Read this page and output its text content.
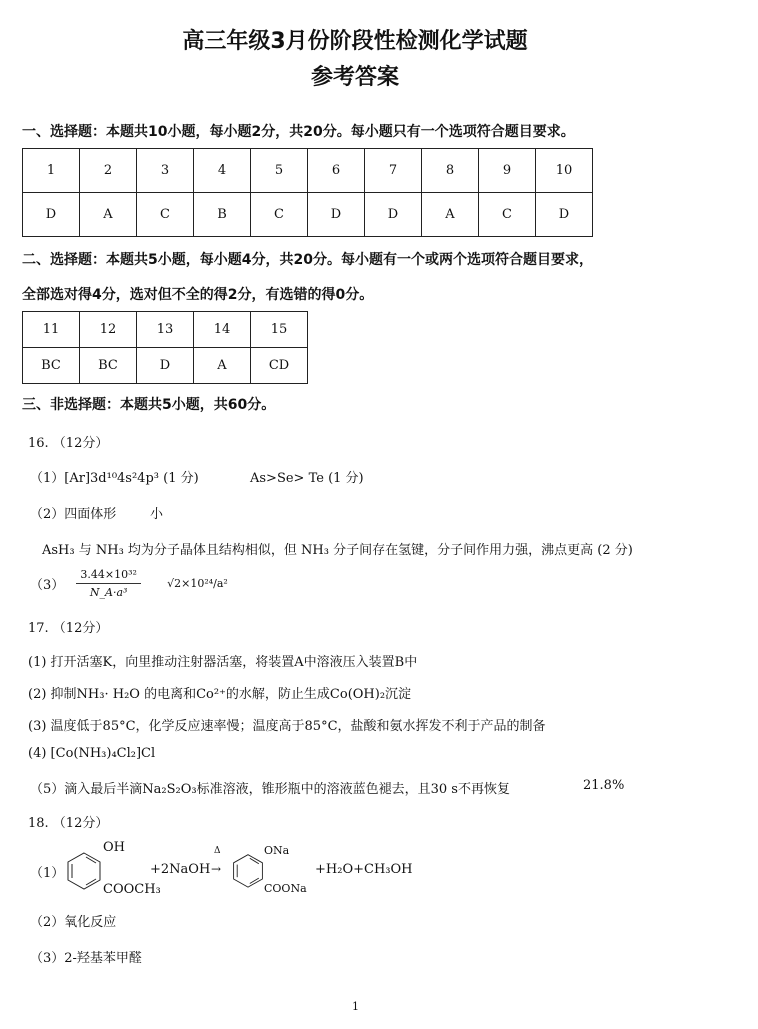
高三年级3月份阶段性检测化学试题
参考答案
一、选择题：本题共10小题，每小题2分，共20分。每小题只有一个选项符合题目要求。
1	2	3	4	5	6	7	8	9	10
D	A	C	B	C	D	D	A	C	D
二、选择题：本题共5小题，每小题4分，共20分。每小题有一个或两个选项符合题目要求，
全部选对得4分，选对但不全的得2分，有选错的得0分。
11	12	13	14	15
BC	BC	D	A	CD
三、非选择题：本题共5小题，共60分。
16. （12分）
（1）[Ar]3d¹⁰4s²4p³ (1 分)	As>Se> Te (1 分)
（2）四面体形	小
AsH₃ 与 NH₃ 均为分子晶体且结构相似，但 NH₃ 分子间存在氢键，分子间作用力强，沸点更高 (2 分)
$(3) \frac{\text{3.44×10³²}}{\text{N\_A·a³}} √2\times 10^{24}/a^2$
17. （12分）
(1) 打开活塞K，向里推动注射器活塞，将装置A中溶液压入装置B中
(2) 抑制NH₃· H₂O 的电离和Co²⁺的水解，防止生成Co(OH)₂沉淀
(3) 温度低于85°C，化学反应速率慢；温度高于85°C，盐酸和氨水挥发不利于产品的制备
(4) [Co(NH₃)₄Cl₂]Cl
（5）滴入最后半滴Na₂S₂O₃标准溶液，锥形瓶中的溶液蓝色褪去，且30 s不再恢复	21.8%
18. （12分）
（1）
OH
COOCH₃
+2NaOH
Δ
→
ONa
COONa
+H₂O+CH₃OH
（2）氧化反应
（3）2-羟基苯甲醛
1
